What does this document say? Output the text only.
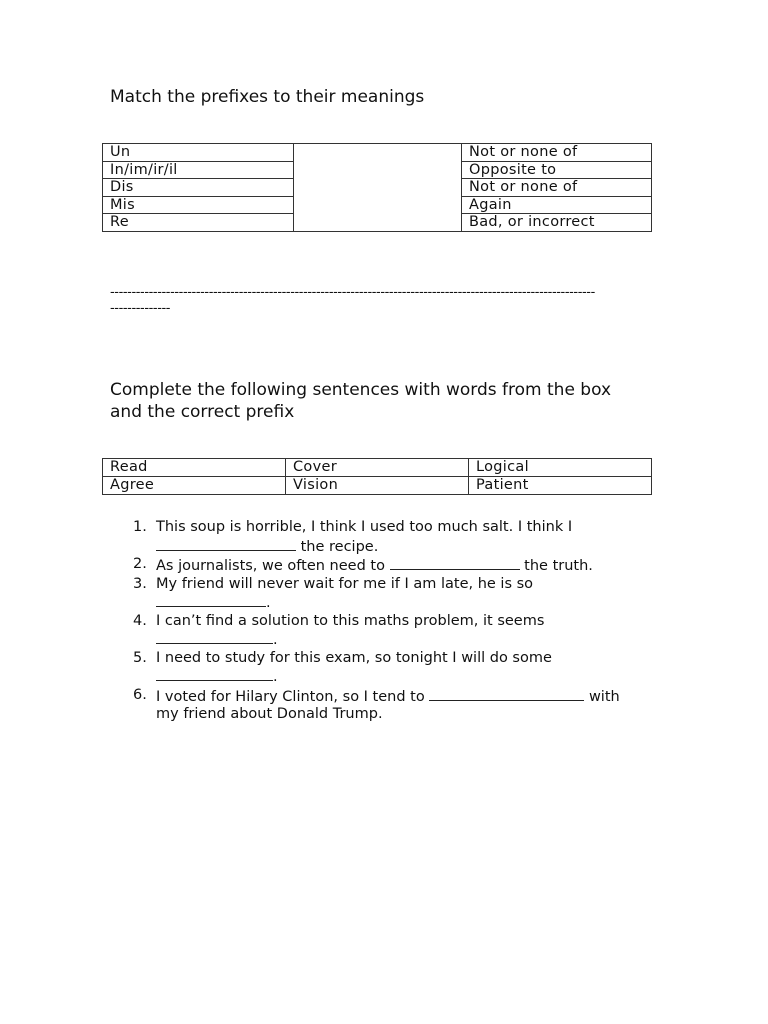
Match the prefixes to their meanings
Un		Not or none of
In/im/ir/il		Opposite to
Dis		Not or none of
Mis		Again
Re		Bad, or incorrect
-----------------------------------------------------------------------------------------------------------------
--------------
Complete the following sentences with words from the box
and the correct prefix
Read	Cover	Logical
Agree	Vision	Patient
1. This soup is horrible, I think I used too much salt. I think I
the recipe.
2. As journalists, we often need to	the truth.
3. My friend will never wait for me if I am late, he is so
.
4. I can’t find a solution to this maths problem, it seems
.
5. I need to study for this exam, so tonight I will do some
.
6. I voted for Hilary Clinton, so I tend to	with
my friend about Donald Trump.
